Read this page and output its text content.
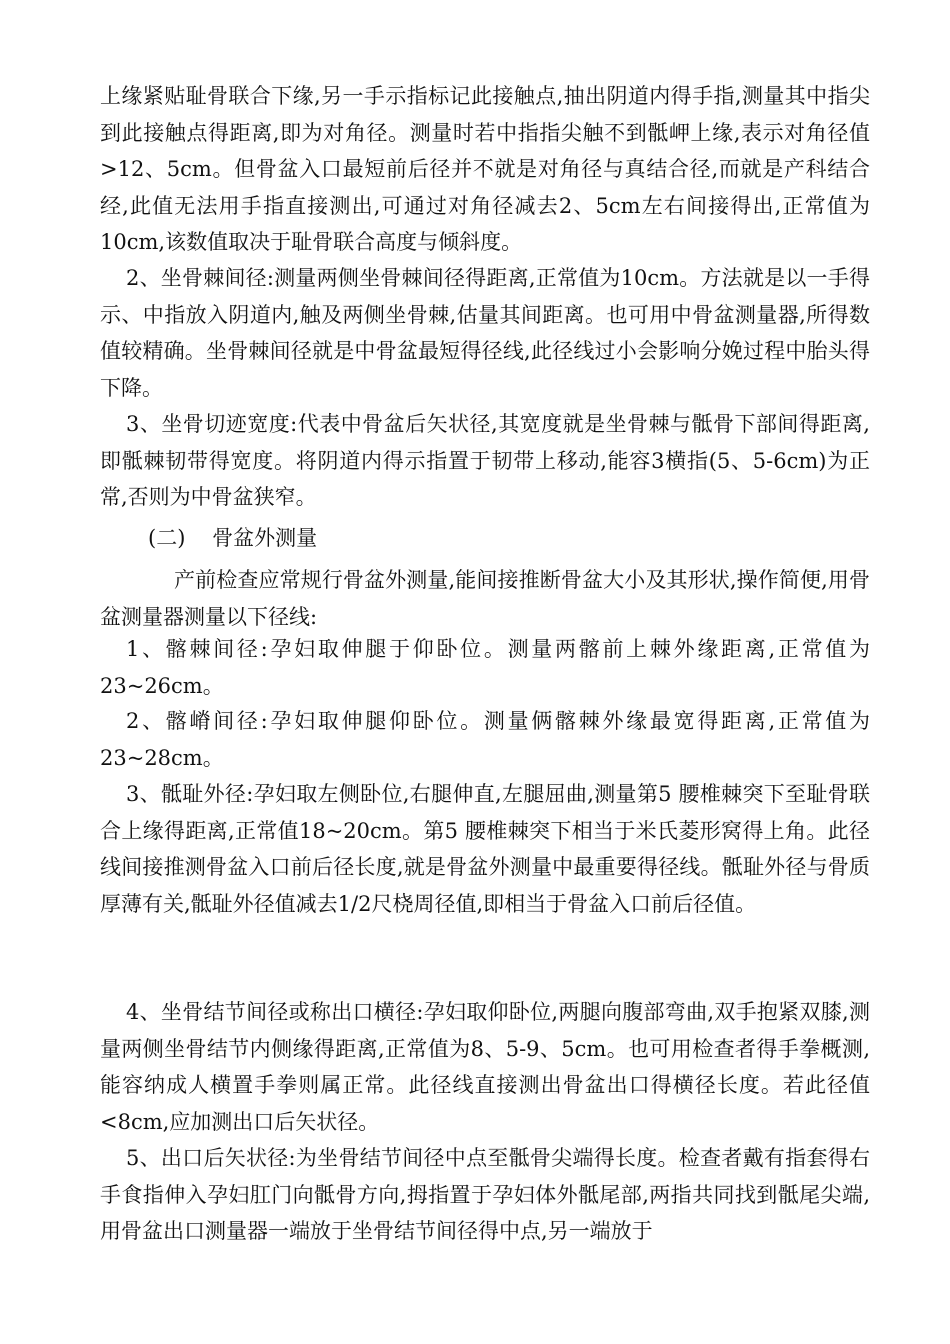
上缘紧贴耻骨联合下缘,另一手示指标记此接触点,抽出阴道内得手指,测量其中指尖到此接触点得距离,即为对角径。测量时若中指指尖触不到骶岬上缘,表示对角径值>12、5cm。但骨盆入口最短前后径并不就是对角径与真结合径,而就是产科结合经,此值无法用手指直接测出,可通过对角径减去2、5cm左右间接得出,正常值为10cm,该数值取决于耻骨联合高度与倾斜度。

2、坐骨棘间径:测量两侧坐骨棘间径得距离,正常值为10cm。方法就是以一手得示、中指放入阴道内,触及两侧坐骨棘,估量其间距离。也可用中骨盆测量器,所得数值较精确。坐骨棘间径就是中骨盆最短得径线,此径线过小会影响分娩过程中胎头得下降。

3、坐骨切迹宽度:代表中骨盆后矢状径,其宽度就是坐骨棘与骶骨下部间得距离,即骶棘韧带得宽度。将阴道内得示指置于韧带上移动,能容3横指(5、5-6cm)为正常,否则为中骨盆狭窄。

(二)    骨盆外测量

产前检查应常规行骨盆外测量,能间接推断骨盆大小及其形状,操作简便,用骨盆测量器测量以下径线:

1、髂棘间径:孕妇取伸腿于仰卧位。测量两髂前上棘外缘距离,正常值为23~26cm。

2、髂嵴间径:孕妇取伸腿仰卧位。测量俩髂棘外缘最宽得距离,正常值为23~28cm。

3、骶耻外径:孕妇取左侧卧位,右腿伸直,左腿屈曲,测量第5 腰椎棘突下至耻骨联合上缘得距离,正常值18~20cm。第5 腰椎棘突下相当于米氏菱形窝得上角。此径线间接推测骨盆入口前后径长度,就是骨盆外测量中最重要得径线。骶耻外径与骨质厚薄有关,骶耻外径值减去1/2尺桡周径值,即相当于骨盆入口前后径值。

4、坐骨结节间径或称出口横径:孕妇取仰卧位,两腿向腹部弯曲,双手抱紧双膝,测量两侧坐骨结节内侧缘得距离,正常值为8、5-9、5cm。也可用检查者得手拳概测,能容纳成人横置手拳则属正常。此径线直接测出骨盆出口得横径长度。若此径值<8cm,应加测出口后矢状径。

5、出口后矢状径:为坐骨结节间径中点至骶骨尖端得长度。检查者戴有指套得右手食指伸入孕妇肛门向骶骨方向,拇指置于孕妇体外骶尾部,两指共同找到骶尾尖端,用骨盆出口测量器一端放于坐骨结节间径得中点,另一端放于
